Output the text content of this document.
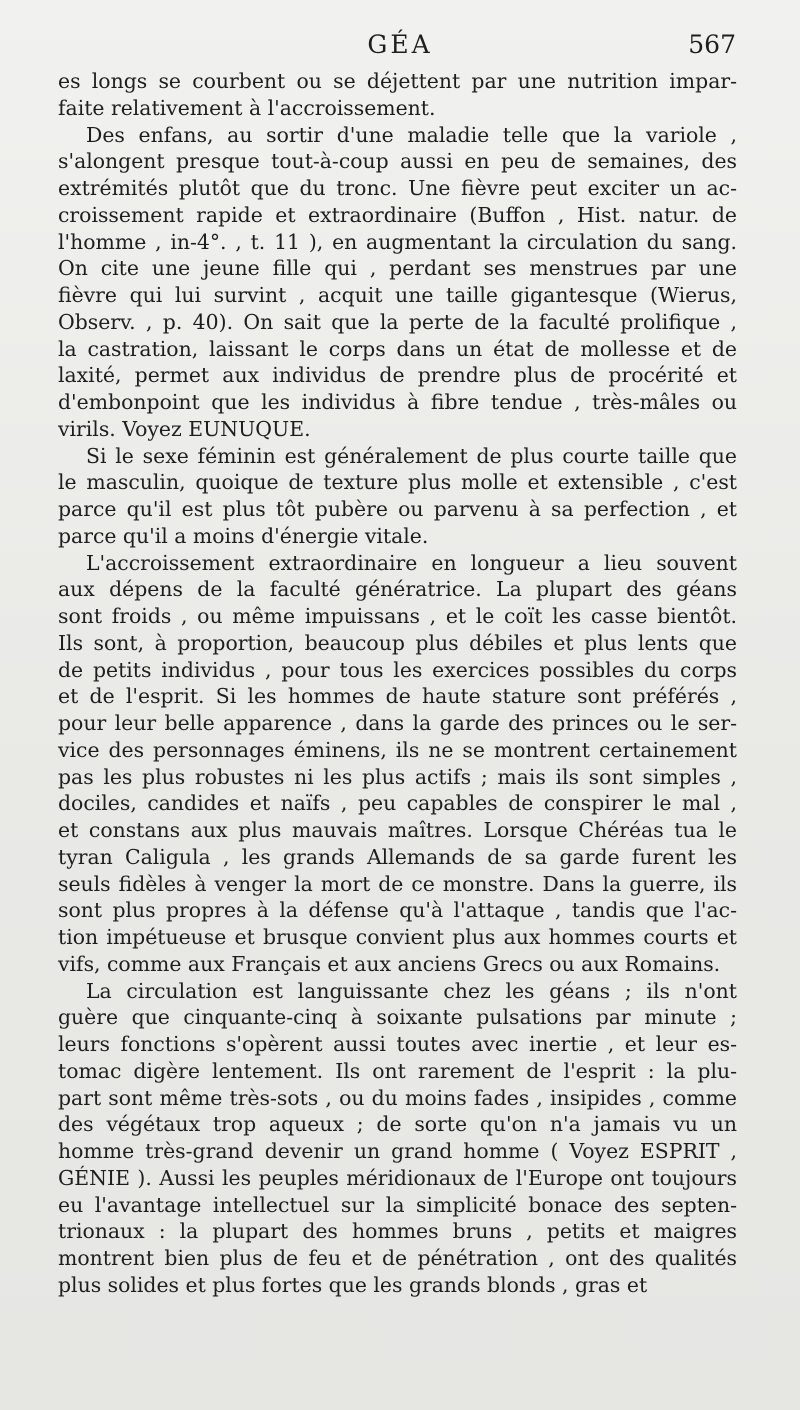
GÉA	567
es longs se courbent ou se déjettent par une nutrition impar-
faite relativement à l'accroissement.
Des enfans, au sortir d'une maladie telle que la variole ,
s'alongent presque tout-à-coup aussi en peu de semaines, des
extrémités plutôt que du tronc. Une fièvre peut exciter un ac-
croissement rapide et extraordinaire (Buffon , Hist. natur. de
l'homme , in-4°. , t. 11 ), en augmentant la circulation du sang.
On cite une jeune fille qui , perdant ses menstrues par une
fièvre qui lui survint , acquit une taille gigantesque (Wierus,
Observ. , p. 40). On sait que la perte de la faculté prolifique ,
la castration, laissant le corps dans un état de mollesse et de
laxité, permet aux individus de prendre plus de procérité et
d'embonpoint que les individus à fibre tendue , très-mâles ou
virils. Voyez EUNUQUE.
Si le sexe féminin est généralement de plus courte taille que
le masculin, quoique de texture plus molle et extensible , c'est
parce qu'il est plus tôt pubère ou parvenu à sa perfection , et
parce qu'il a moins d'énergie vitale.
L'accroissement extraordinaire en longueur a lieu souvent
aux dépens de la faculté génératrice. La plupart des géans
sont froids , ou même impuissans , et le coït les casse bientôt.
Ils sont, à proportion, beaucoup plus débiles et plus lents que
de petits individus , pour tous les exercices possibles du corps
et de l'esprit. Si les hommes de haute stature sont préférés ,
pour leur belle apparence , dans la garde des princes ou le ser-
vice des personnages éminens, ils ne se montrent certainement
pas les plus robustes ni les plus actifs ; mais ils sont simples ,
dociles, candides et naïfs , peu capables de conspirer le mal ,
et constans aux plus mauvais maîtres. Lorsque Chéréas tua le
tyran Caligula , les grands Allemands de sa garde furent les
seuls fidèles à venger la mort de ce monstre. Dans la guerre, ils
sont plus propres à la défense qu'à l'attaque , tandis que l'ac-
tion impétueuse et brusque convient plus aux hommes courts et
vifs, comme aux Français et aux anciens Grecs ou aux Romains.
La circulation est languissante chez les géans ; ils n'ont
guère que cinquante-cinq à soixante pulsations par minute ;
leurs fonctions s'opèrent aussi toutes avec inertie , et leur es-
tomac digère lentement. Ils ont rarement de l'esprit : la plu-
part sont même très-sots , ou du moins fades , insipides , comme
des végétaux trop aqueux ; de sorte qu'on n'a jamais vu un
homme très-grand devenir un grand homme ( Voyez ESPRIT ,
GÉNIE ). Aussi les peuples méridionaux de l'Europe ont toujours
eu l'avantage intellectuel sur la simplicité bonace des septen-
trionaux : la plupart des hommes bruns , petits et maigres
montrent bien plus de feu et de pénétration , ont des qualités
plus solides et plus fortes que les grands blonds , gras et
